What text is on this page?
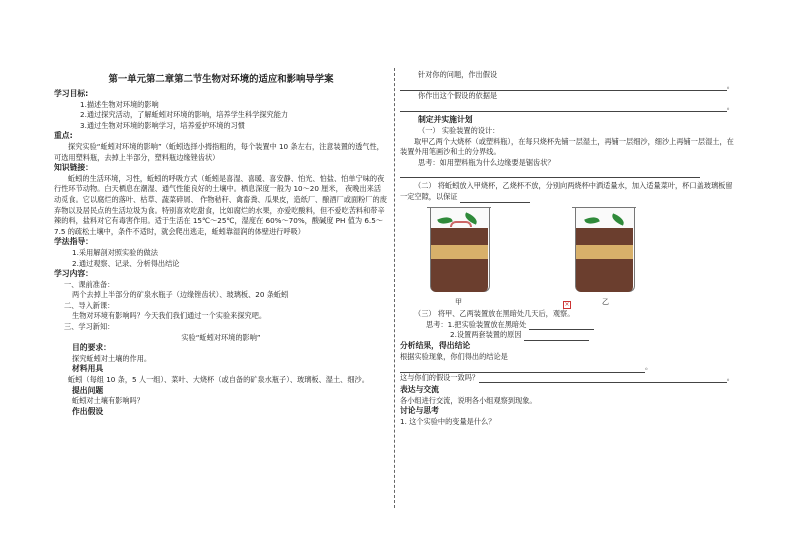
第一单元第二章第二节生物对环境的适应和影响导学案
学习目标:
1.描述生物对环境的影响
2.通过探究活动，了解蚯蚓对环境的影响，培养学生科学探究能力
3.通过生物对环境的影响学习，培养爱护环境的习惯
重点:
探究实验“蚯蚓对环境的影响”（蚯蚓选择小拇指粗的，每个装置中 10 条左右，注意装置的透气性，可选用塑料瓶，去掉上半部分，塑料瓶边缘锉齿状）
知识链接：
蚯蚓的生活环境，习性，蚯蚓的呼吸方式（蚯蚓是喜湿、喜暖、喜安静、怕光、怕盐、怕单宁味的夜行性环节动物。白天栖息在潮湿、通气性能良好的土壤中。栖息深度一般为 10～20 厘米， 夜晚出来活动觅食。它以腐烂的落叶、枯草、蔬菜碎屑、 作物秸秆、禽畜粪、瓜果皮，造纸厂、酿酒厂或面粉厂的废弃物以及居民点的生活垃圾为食。特别喜欢吃甜食，比如腐烂的水果，亦爱吃酸料，但不爱吃苦料和带辛辣的料，盐料对它有毒害作用。适于生活在 15℃～25℃，湿度在 60%～70%，酸碱度 PH 值为 6.5～7.5 的疏松土壤中，条件不适时，就会爬出逃走，蚯蚓靠湿润的体壁进行呼吸）
学法指导：
1.采用解剖对照实验的做法
2.通过观察、记录、分析得出结论
学习内容：
一、课前准备：
两个去掉上半部分的矿泉水瓶子（边缘锉齿状）、玻璃板、20 条蚯蚓
二、导入新课：
生物对环境有影响吗？今天我们我们通过一个实验来探究吧。
三、学习新知：
实验“蚯蚓对环境的影响”
目的要求：
探究蚯蚓对土壤的作用。
材料用具
蚯蚓（每组 10 条，5 人一组）、菜叶、大烧杯（或自备的矿泉水瓶子）、玻璃板、湿土、细沙。
提出问题
蚯蚓对土壤有影响吗？
作出假设
针对你的问题，作出假设
。
你作出这个假设的依据是
。
制定并实施计划
（一） 实验装置的设计：
取甲乙两个大烧杯（或塑料瓶），在每只烧杯先铺一层湿土，再铺一层细沙，细沙上再铺一层湿土，在装置外用笔画沙和土的分界线。
思考：如用塑料瓶为什么边缘要是锯齿状？
（二） 将蚯蚓放入甲烧杯，乙烧杯不放，分别向两烧杯中洒适量水，加入适量菜叶，杯口盖玻璃板留一定空隙，以保证
甲	乙
×
（三） 将甲、乙两装置放在黑暗处几天后，观察。
思考：1.把实验装置放在黑暗处
2.设置两套装置的原因
分析结果，得出结论
根据实验现象，你们得出的结论是
。
这与你们的假设一致吗？	。
表达与交流
各小组进行交流，说明各小组观察到现象。
讨论与思考
1. 这个实验中的变量是什么？
